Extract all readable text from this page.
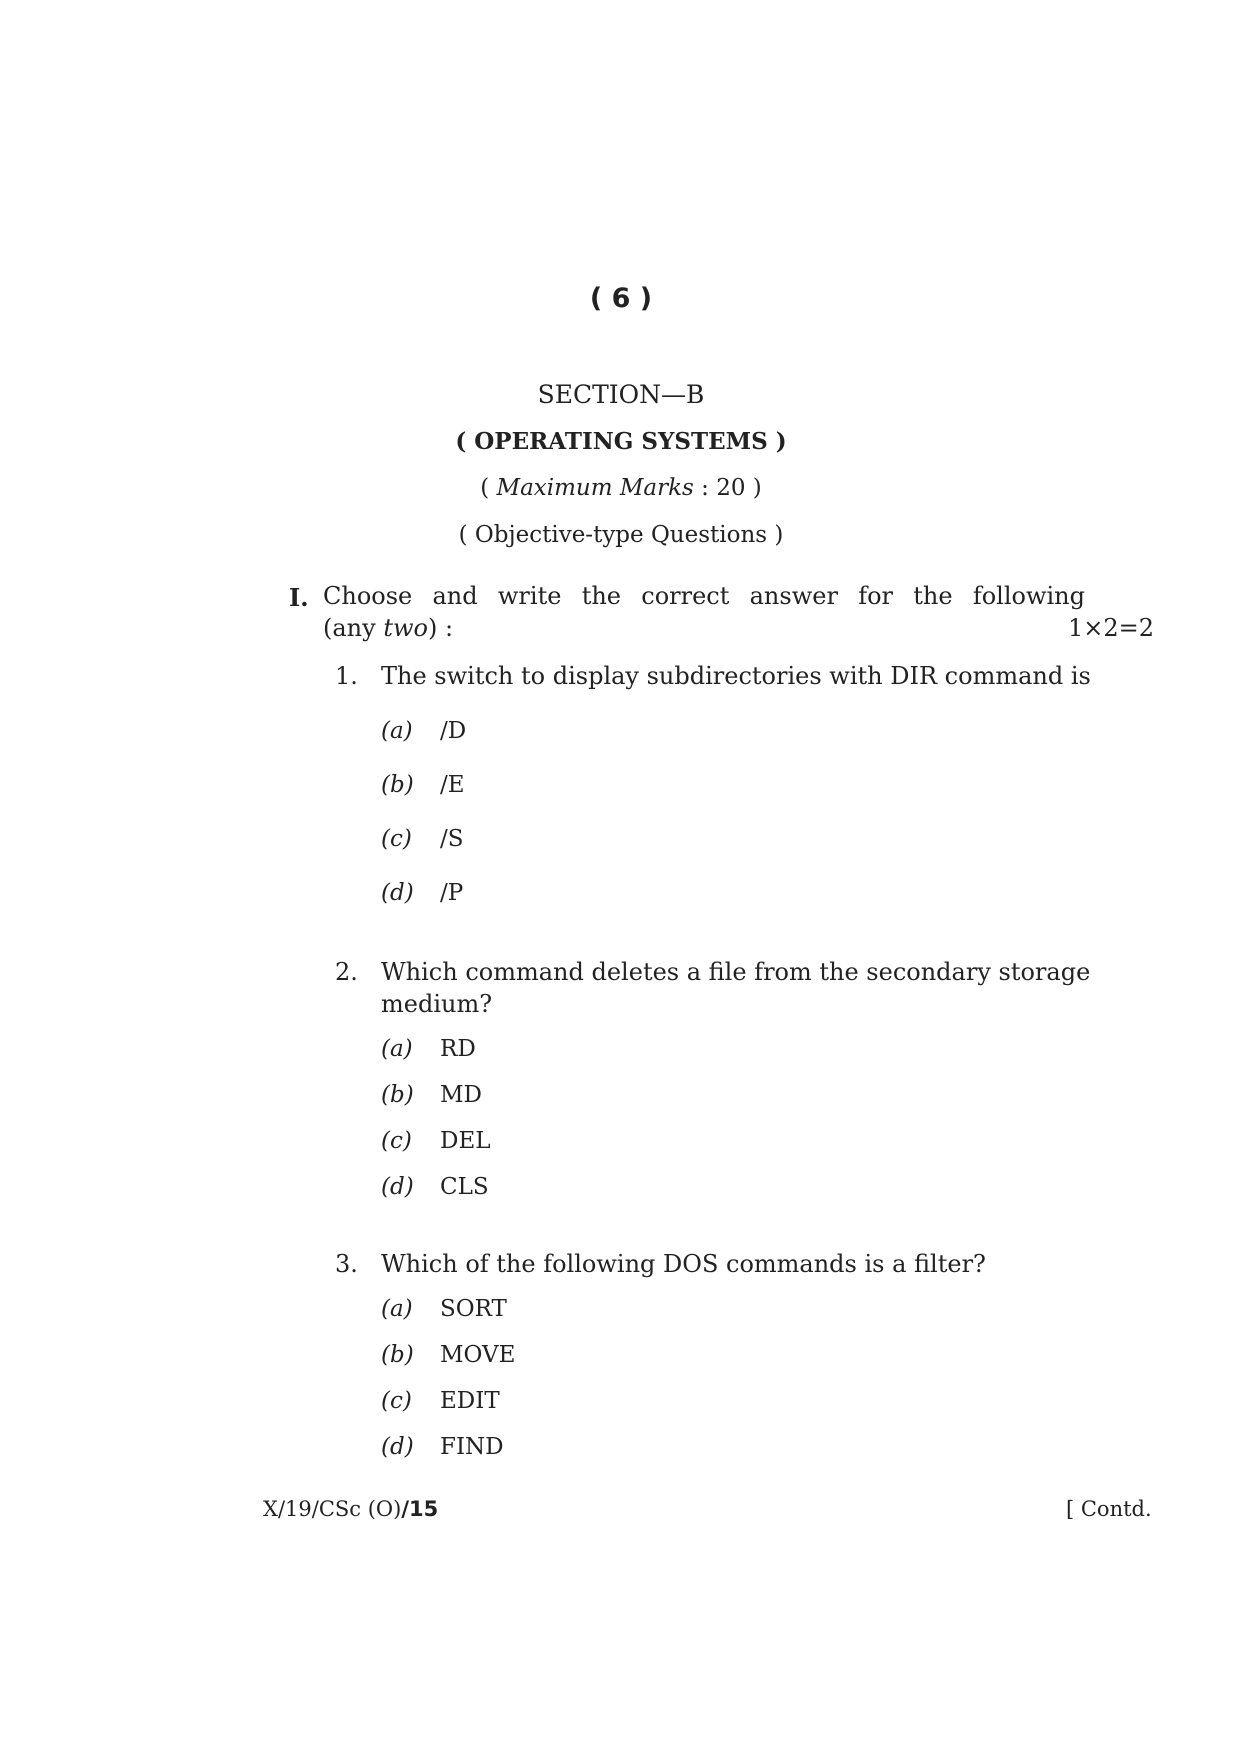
( 6 )
SECTION—B
( OPERATING SYSTEMS )
( Maximum Marks : 20 )
( Objective-type Questions )
I. Choose and write the correct answer for the following
(any two) :	1×2=2
1. The switch to display subdirectories with DIR command is
(a) /D
(b) /E
(c) /S
(d) /P
2. Which command deletes a file from the secondary storage
medium?
(a) RD
(b) MD
(c) DEL
(d) CLS
3. Which of the following DOS commands is a filter?
(a) SORT
(b) MOVE
(c) EDIT
(d) FIND
X/19/CSc (O)/15	[ Contd.
